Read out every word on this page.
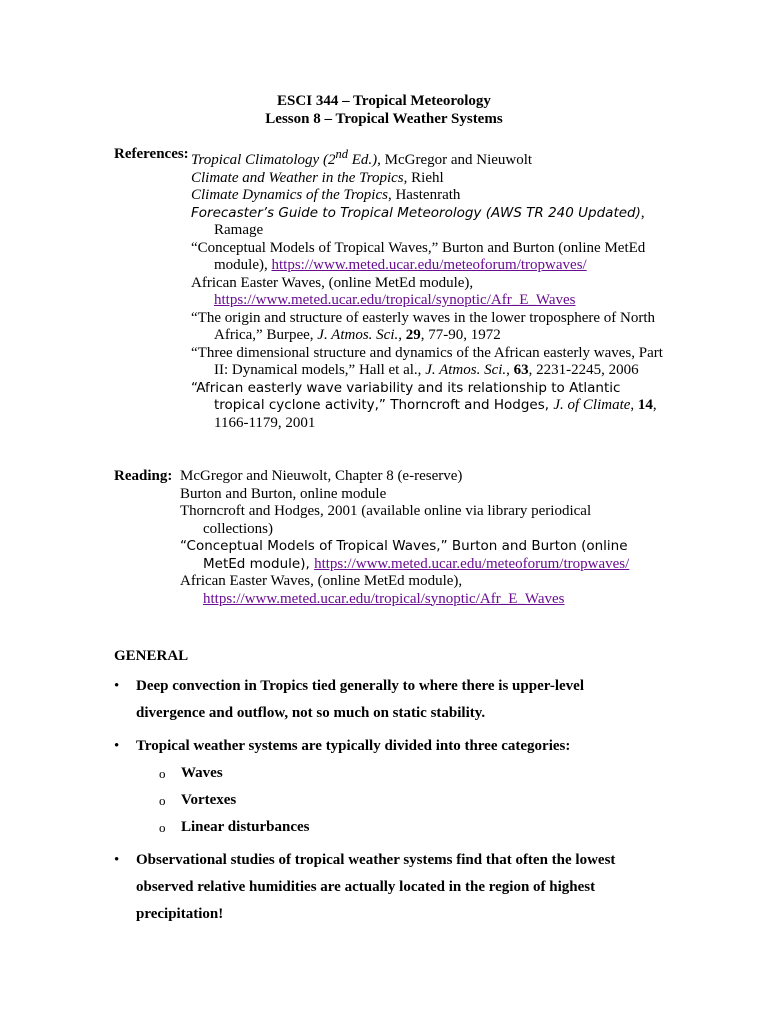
ESCI 344 – Tropical Meteorology
Lesson 8 – Tropical Weather Systems
References: Tropical Climatology (2nd Ed.), McGregor and Nieuwolt
Climate and Weather in the Tropics, Riehl
Climate Dynamics of the Tropics, Hastenrath
Forecaster’s Guide to Tropical Meteorology (AWS TR 240 Updated), Ramage
“Conceptual Models of Tropical Waves,” Burton and Burton (online MetEd module), https://www.meted.ucar.edu/meteoforum/tropwaves/
African Easter Waves, (online MetEd module), https://www.meted.ucar.edu/tropical/synoptic/Afr_E_Waves
“The origin and structure of easterly waves in the lower troposphere of North Africa,” Burpee, J. Atmos. Sci., 29, 77-90, 1972
“Three dimensional structure and dynamics of the African easterly waves, Part II: Dynamical models,” Hall et al., J. Atmos. Sci., 63, 2231-2245, 2006
“African easterly wave variability and its relationship to Atlantic tropical cyclone activity,” Thorncroft and Hodges, J. of Climate, 14, 1166-1179, 2001
Reading: McGregor and Nieuwolt, Chapter 8 (e-reserve)
Burton and Burton, online module
Thorncroft and Hodges, 2001 (available online via library periodical collections)
“Conceptual Models of Tropical Waves,” Burton and Burton (online MetEd module), https://www.meted.ucar.edu/meteoforum/tropwaves/
African Easter Waves, (online MetEd module), https://www.meted.ucar.edu/tropical/synoptic/Afr_E_Waves
GENERAL
• Deep convection in Tropics tied generally to where there is upper-level divergence and outflow, not so much on static stability.
• Tropical weather systems are typically divided into three categories:
o Waves
o Vortexes
o Linear disturbances
• Observational studies of tropical weather systems find that often the lowest observed relative humidities are actually located in the region of highest precipitation!
